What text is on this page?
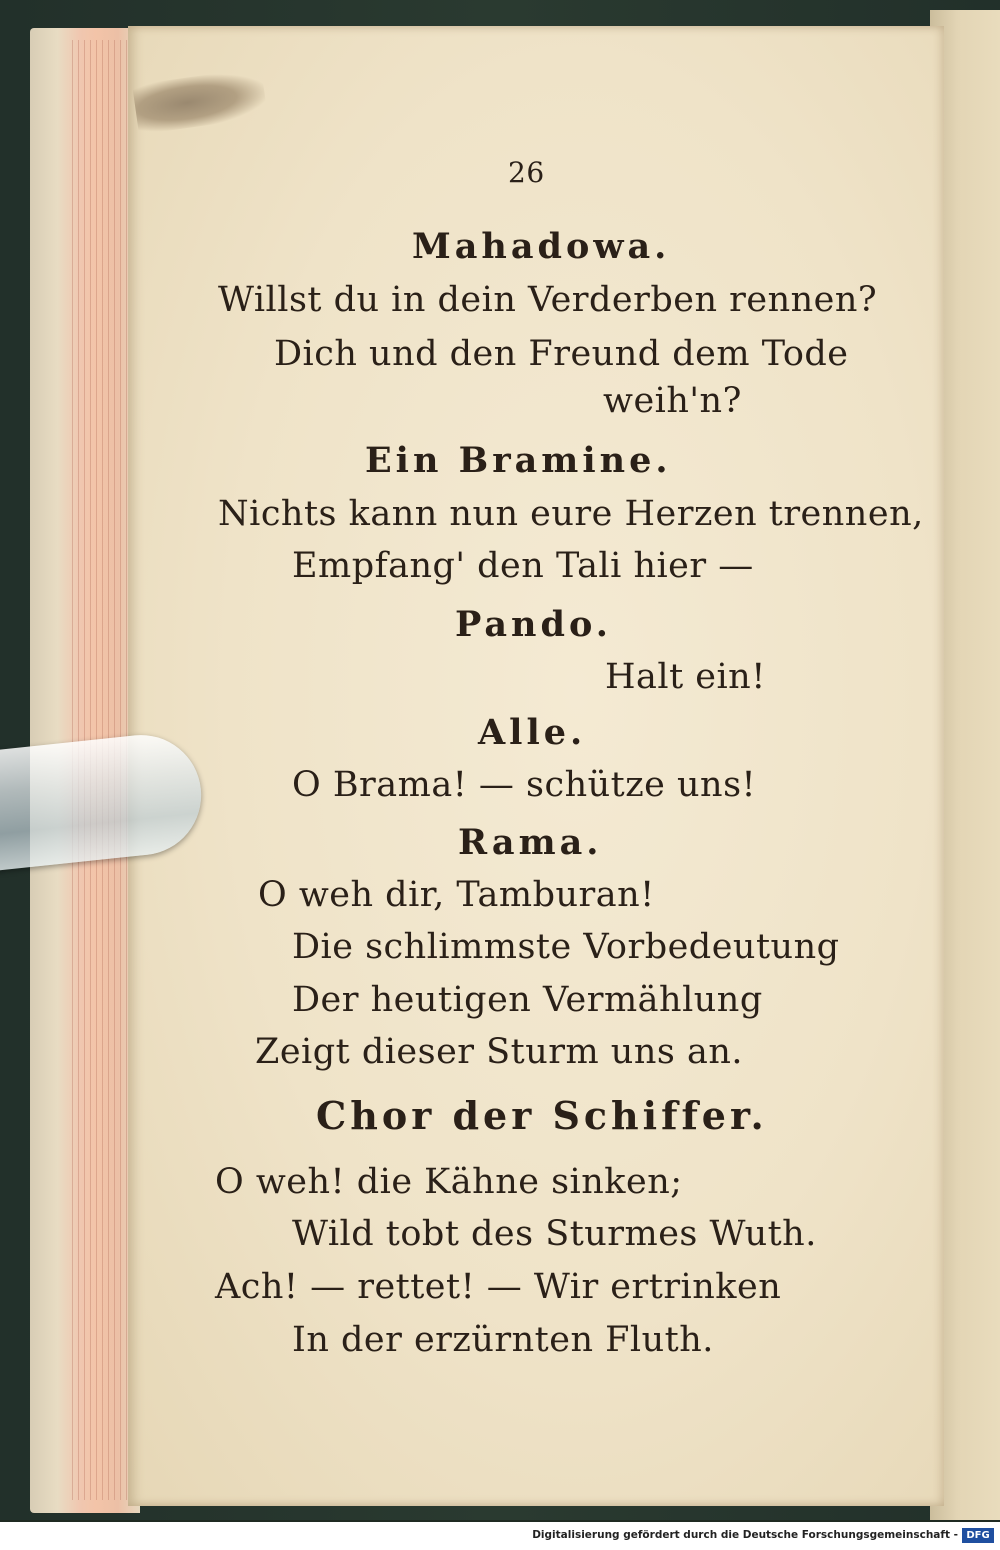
26
Mahadowa.
Willst du in dein Verderben rennen?
Dich und den Freund dem Tode
weih'n?
Ein Bramine.
Nichts kann nun eure Herzen trennen,
Empfang' den Tali hier —
Pando.
Halt ein!
Alle.
O Brama! — schütze uns!
Rama.
O weh dir, Tamburan!
Die schlimmste Vorbedeutung
Der heutigen Vermählung
Zeigt dieser Sturm uns an.
Chor der Schiffer.
O weh! die Kähne sinken;
Wild tobt des Sturmes Wuth.
Ach! — rettet! — Wir ertrinken
In der erzürnten Fluth.
Digitalisierung gefördert durch die Deutsche Forschungsgemeinschaft - DFG
